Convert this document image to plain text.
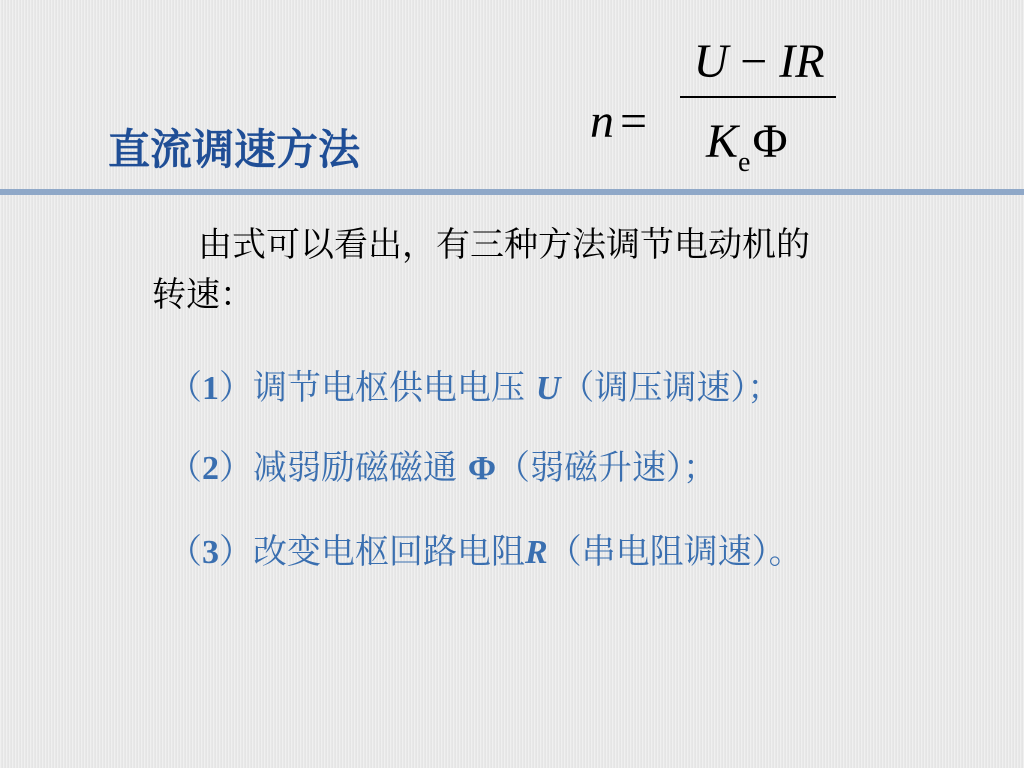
直流调速方法
n =
U − IR
$K_e\Phi$
由式可以看出，有三种方法调节电动机的
转速：
（1）调节电枢供电电压 U（调压调速）；
（2）减弱励磁磁通 Φ（弱磁升速）；
（3）改变电枢回路电阻R（串电阻调速）。
